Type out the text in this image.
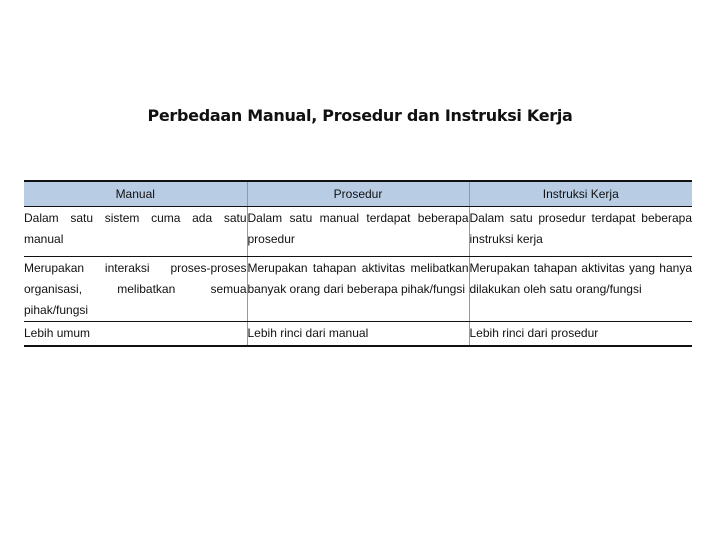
Perbedaan Manual, Prosedur dan Instruksi Kerja
Manual	Prosedur	Instruksi Kerja
Dalam satu sistem cuma ada satu manual	Dalam satu manual terdapat beberapa prosedur	Dalam satu prosedur terdapat beberapa instruksi kerja
Merupakan interaksi proses-proses organisasi, melibatkan semua pihak/fungsi	Merupakan tahapan aktivitas melibatkan banyak orang dari beberapa pihak/fungsi	Merupakan tahapan aktivitas yang hanya dilakukan oleh satu orang/fungsi
Lebih umum	Lebih rinci dari manual	Lebih rinci dari prosedur
